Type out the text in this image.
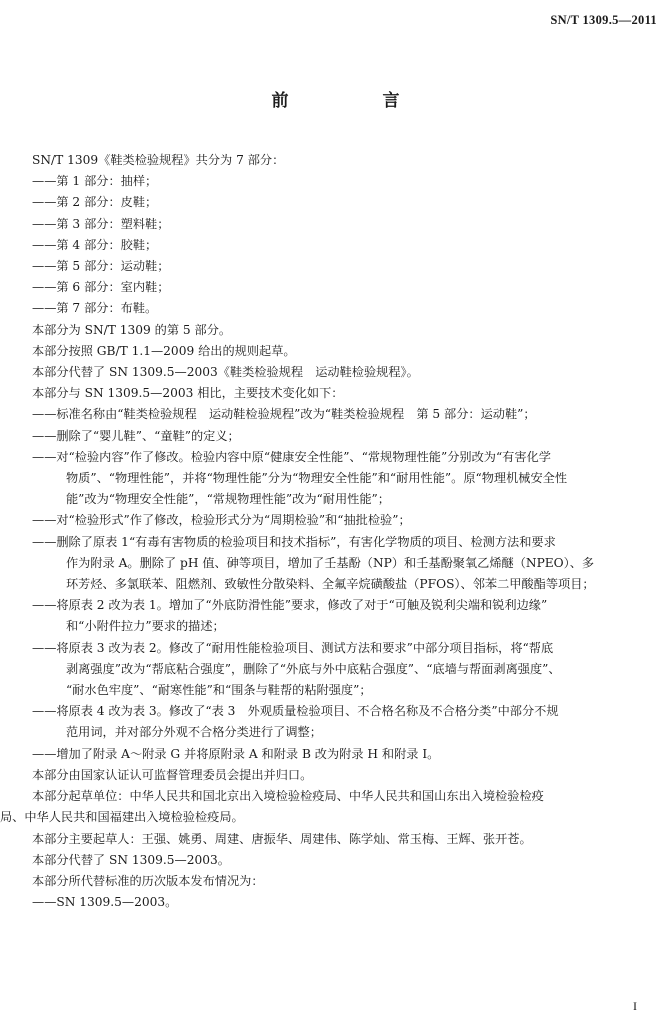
SN/T 1309.5—2011
前 言

SN/T 1309《鞋类检验规程》共分为 7 部分：

——第 1 部分：抽样；

——第 2 部分：皮鞋；

——第 3 部分：塑料鞋；

——第 4 部分：胶鞋；

——第 5 部分：运动鞋；

——第 6 部分：室内鞋；

——第 7 部分：布鞋。

本部分为 SN/T 1309 的第 5 部分。

本部分按照 GB/T 1.1—2009 给出的规则起草。

本部分代替了 SN 1309.5—2003《鞋类检验规程　运动鞋检验规程》。

本部分与 SN 1309.5—2003 相比，主要技术变化如下：

——标准名称由“鞋类检验规程　运动鞋检验规程”改为“鞋类检验规程　第 5 部分：运动鞋”；

——删除了“婴儿鞋”、“童鞋”的定义；

——对“检验内容”作了修改。检验内容中原“健康安全性能”、“常规物理性能”分别改为“有害化学

物质”、“物理性能”，并将“物理性能”分为“物理安全性能”和“耐用性能”。原“物理机械安全性

能”改为“物理安全性能”，“常规物理性能”改为“耐用性能”；

——对“检验形式”作了修改，检验形式分为“周期检验”和“抽批检验”；

——删除了原表 1“有毒有害物质的检验项目和技术指标”，有害化学物质的项目、检测方法和要求

作为附录 A。删除了 pH 值、砷等项目，增加了壬基酚（NP）和壬基酚聚氧乙烯醚（NPEO）、多

环芳烃、多氯联苯、阻燃剂、致敏性分散染料、全氟辛烷磺酸盐（PFOS）、邻苯二甲酸酯等项目；

——将原表 2 改为表 1。增加了“外底防滑性能”要求，修改了对于“可触及锐利尖端和锐利边缘”

和“小附件拉力”要求的描述；

——将原表 3 改为表 2。修改了“耐用性能检验项目、测试方法和要求”中部分项目指标，将“帮底

剥离强度”改为“帮底粘合强度”，删除了“外底与外中底粘合强度”、“底墙与帮面剥离强度”、

“耐水色牢度”、“耐寒性能”和“围条与鞋帮的粘附强度”；

——将原表 4 改为表 3。修改了“表 3　外观质量检验项目、不合格名称及不合格分类”中部分不规

范用词，并对部分外观不合格分类进行了调整；

——增加了附录 A～附录 G 并将原附录 A 和附录 B 改为附录 H 和附录 I。

本部分由国家认证认可监督管理委员会提出并归口。

本部分起草单位：中华人民共和国北京出入境检验检疫局、中华人民共和国山东出入境检验检疫

局、中华人民共和国福建出入境检验检疫局。

本部分主要起草人：王强、姚勇、周建、唐振华、周建伟、陈学灿、常玉梅、王辉、张开苍。

本部分代替了 SN 1309.5—2003。

本部分所代替标准的历次版本发布情况为：

——SN 1309.5—2003。

I
